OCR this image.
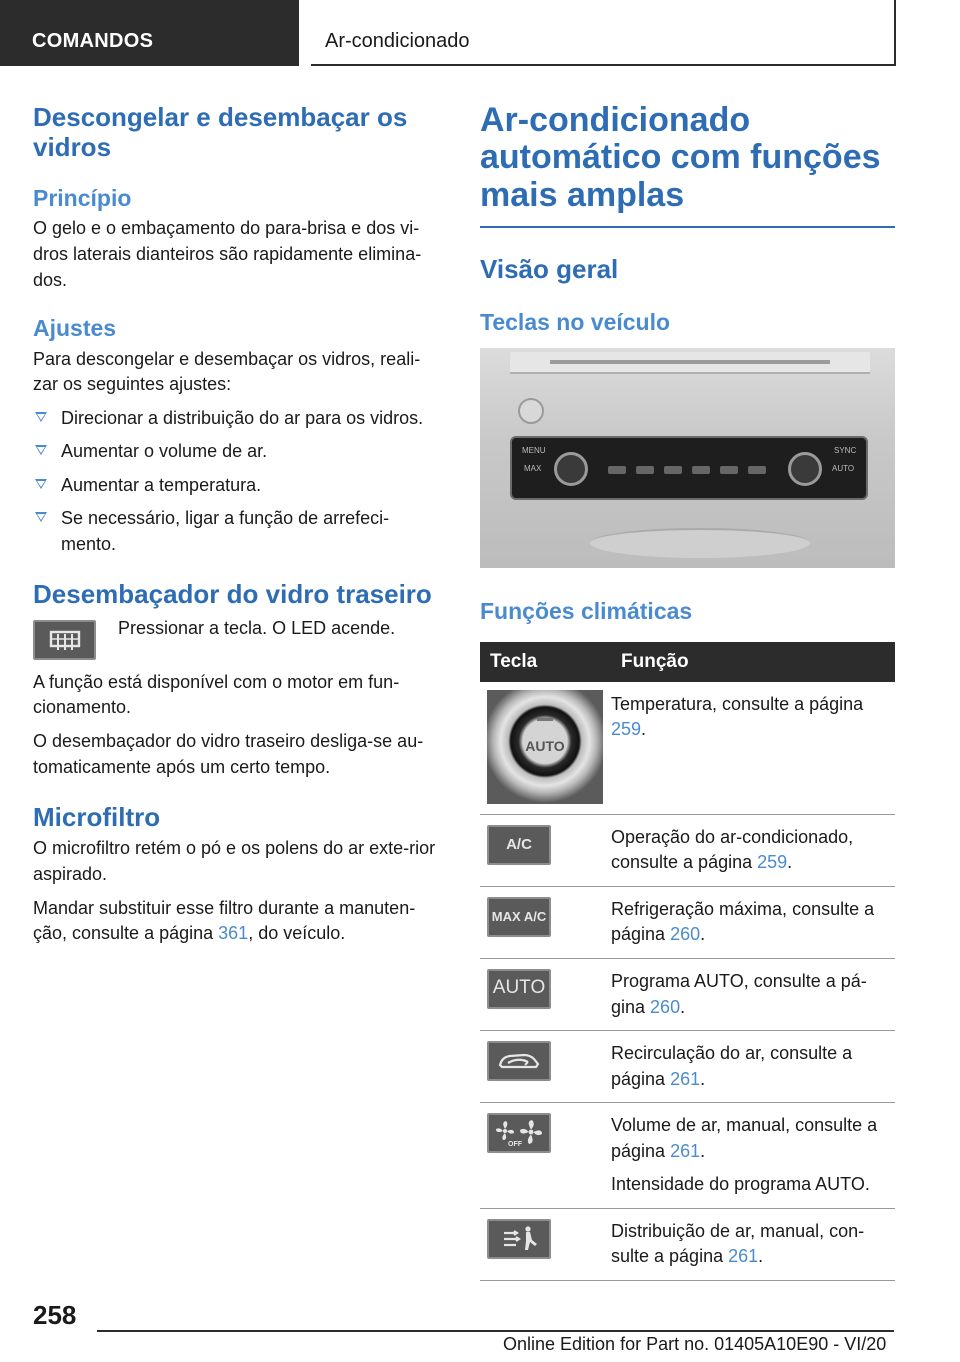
COMANDOS	Ar-condicionado
Descongelar e desembaçar os vidros
Princípio

O gelo e o embaçamento do para-brisa e dos vi-dros laterais dianteiros são rapidamente elimina-dos.

Ajustes

Para descongelar e desembaçar os vidros, reali-zar os seguintes ajustes:

Direcionar a distribuição do ar para os vidros.
Aumentar o volume de ar.
Aumentar a temperatura.
Se necessário, ligar a função de arrefeci-mento.
Desembaçador do vidro traseiro

Pressionar a tecla. O LED acende.

A função está disponível com o motor em fun-cionamento.

O desembaçador do vidro traseiro desliga-se au-tomaticamente após um certo tempo.

Microfiltro

O microfiltro retém o pó e os polens do ar exte-rior aspirado.

Mandar substituir esse filtro durante a manuten-ção, consulte a página 361, do veículo.

Ar-condicionado automático com funções mais amplas
Visão geral
Teclas no veículo
MENU
MAX
SYNC
AUTO
Funções climáticas
Tecla	Função

AUTO	Temperatura, consulte a página 259.

A/C	Operação do ar-condicionado, consulte a página 259.

MAX A/C	Refrigeração máxima, consulte a página 260.

AUTO	Programa AUTO, consulte a pá-gina 260.

Recirculação do ar, consulte a página 261.

OFF	Volume de ar, manual, consulte a página 261.

Intensidade do programa AUTO.

Distribuição de ar, manual, con-sulte a página 261.

258
Online Edition for Part no. 01405A10E90 - VI/20
